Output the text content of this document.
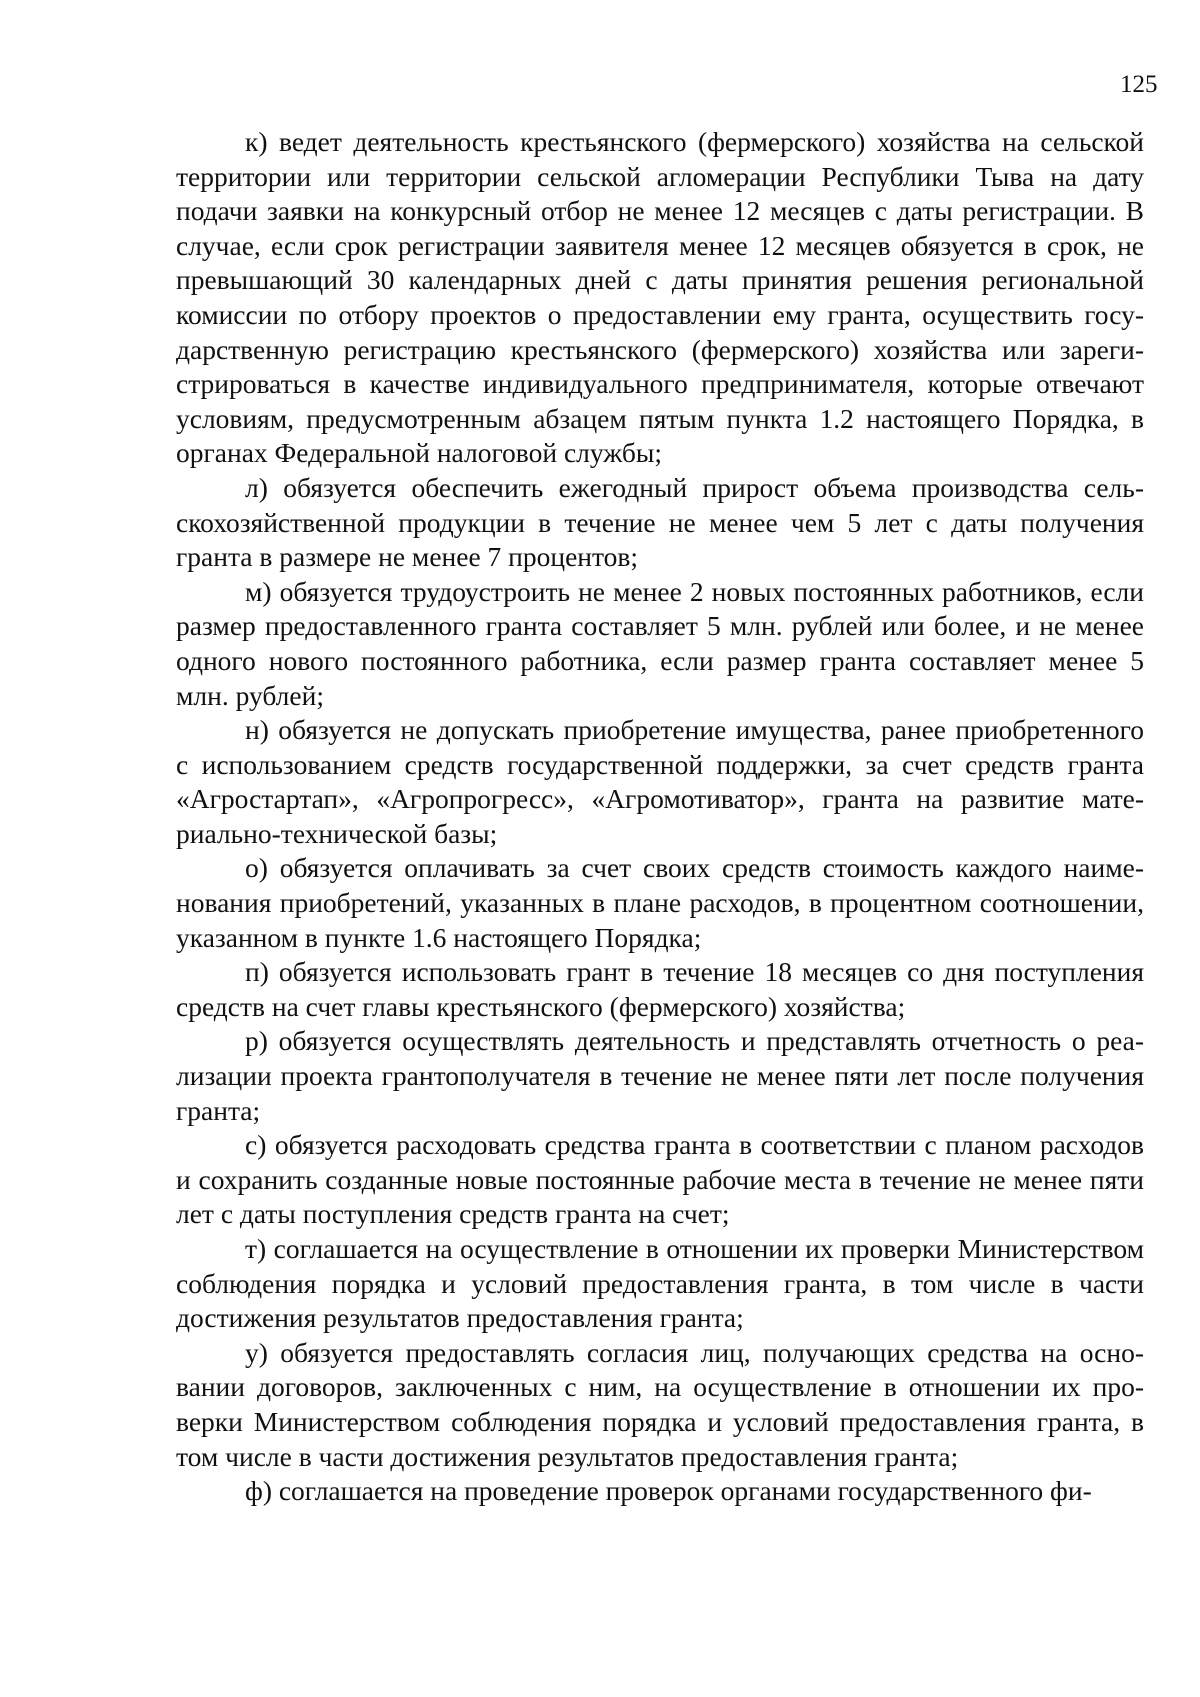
125

к) ведет деятельность крестьянского (фермерского) хозяйства на сельской территории или территории сельской агломерации Республики Тыва на дату подачи заявки на конкурсный отбор не менее 12 месяцев с даты регистрации. В случае, если срок регистрации заявителя менее 12 месяцев обязуется в срок, не превышающий 30 календарных дней с даты принятия решения региональной комиссии по отбору проектов о предоставлении ему гранта, осуществить государственную регистрацию крестьянского (фермерского) хозяйства или зарегистрироваться в качестве индивидуального предпринимателя, которые отвечают условиям, предусмотренным абзацем пятым пункта 1.2 настоящего Порядка, в органах Федеральной налоговой службы;

л) обязуется обеспечить ежегодный прирост объема производства сельскохозяйственной продукции в течение не менее чем 5 лет с даты получения гранта в размере не менее 7 процентов;

м) обязуется трудоустроить не менее 2 новых постоянных работников, если размер предоставленного гранта составляет 5 млн. рублей или более, и не менее одного нового постоянного работника, если размер гранта составляет менее 5 млн. рублей;

н) обязуется не допускать приобретение имущества, ранее приобретенного с использованием средств государственной поддержки, за счет средств гранта «Агростартап», «Агропрогресс», «Агромотиватор», гранта на развитие материально-технической базы;

о) обязуется оплачивать за счет своих средств стоимость каждого наименования приобретений, указанных в плане расходов, в процентном соотношении, указанном в пункте 1.6 настоящего Порядка;

п) обязуется использовать грант в течение 18 месяцев со дня поступления средств на счет главы крестьянского (фермерского) хозяйства;

р) обязуется осуществлять деятельность и представлять отчетность о реализации проекта грантополучателя в течение не менее пяти лет после получения гранта;

с) обязуется расходовать средства гранта в соответствии с планом расходов и сохранить созданные новые постоянные рабочие места в течение не менее пяти лет с даты поступления средств гранта на счет;

т) соглашается на осуществление в отношении их проверки Министерством соблюдения порядка и условий предоставления гранта, в том числе в части достижения результатов предоставления гранта;

у) обязуется предоставлять согласия лиц, получающих средства на основании договоров, заключенных с ним, на осуществление в отношении их проверки Министерством соблюдения порядка и условий предоставления гранта, в том числе в части достижения результатов предоставления гранта;

ф) соглашается на проведение проверок органами государственного фи-
